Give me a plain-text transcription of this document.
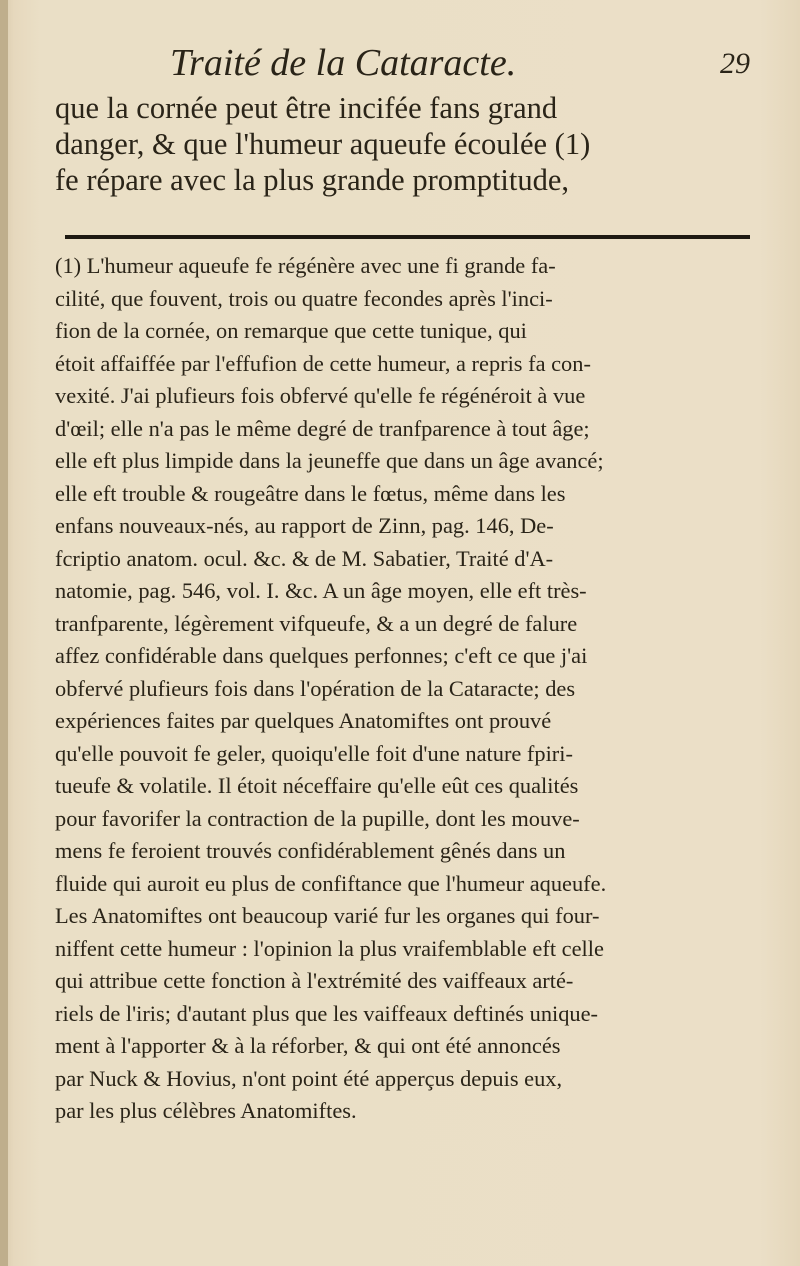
Traité de la Cataracte.	29
que la cornée peut être incifée fans grand
danger, & que l'humeur aqueufe écoulée (1)
fe répare avec la plus grande promptitude,
(1) L'humeur aqueufe fe régénère avec une fi grande fa-
cilité, que fouvent, trois ou quatre fecondes après l'inci-
fion de la cornée, on remarque que cette tunique, qui
étoit affaiffée par l'effufion de cette humeur, a repris fa con-
vexité. J'ai plufieurs fois obfervé qu'elle fe régénéroit à vue
d'œil; elle n'a pas le même degré de tranfparence à tout âge;
elle eft plus limpide dans la jeuneffe que dans un âge avancé;
elle eft trouble & rougeâtre dans le fœtus, même dans les
enfans nouveaux-nés, au rapport de Zinn, pag. 146, De-
fcriptio anatom. ocul. &c. & de M. Sabatier, Traité d'A-
natomie, pag. 546, vol. I. &c. A un âge moyen, elle eft très-
tranfparente, légèrement vifqueufe, & a un degré de falure
affez confidérable dans quelques perfonnes; c'eft ce que j'ai
obfervé plufieurs fois dans l'opération de la Cataracte; des
expériences faites par quelques Anatomiftes ont prouvé
qu'elle pouvoit fe geler, quoiqu'elle foit d'une nature fpiri-
tueufe & volatile. Il étoit néceffaire qu'elle eût ces qualités
pour favorifer la contraction de la pupille, dont les mouve-
mens fe feroient trouvés confidérablement gênés dans un
fluide qui auroit eu plus de confiftance que l'humeur aqueufe.
Les Anatomiftes ont beaucoup varié fur les organes qui four-
niffent cette humeur : l'opinion la plus vraifemblable eft celle
qui attribue cette fonction à l'extrémité des vaiffeaux arté-
riels de l'iris; d'autant plus que les vaiffeaux deftinés unique-
ment à l'apporter & à la réforber, & qui ont été annoncés
par Nuck & Hovius, n'ont point été apperçus depuis eux,
par les plus célèbres Anatomiftes.
